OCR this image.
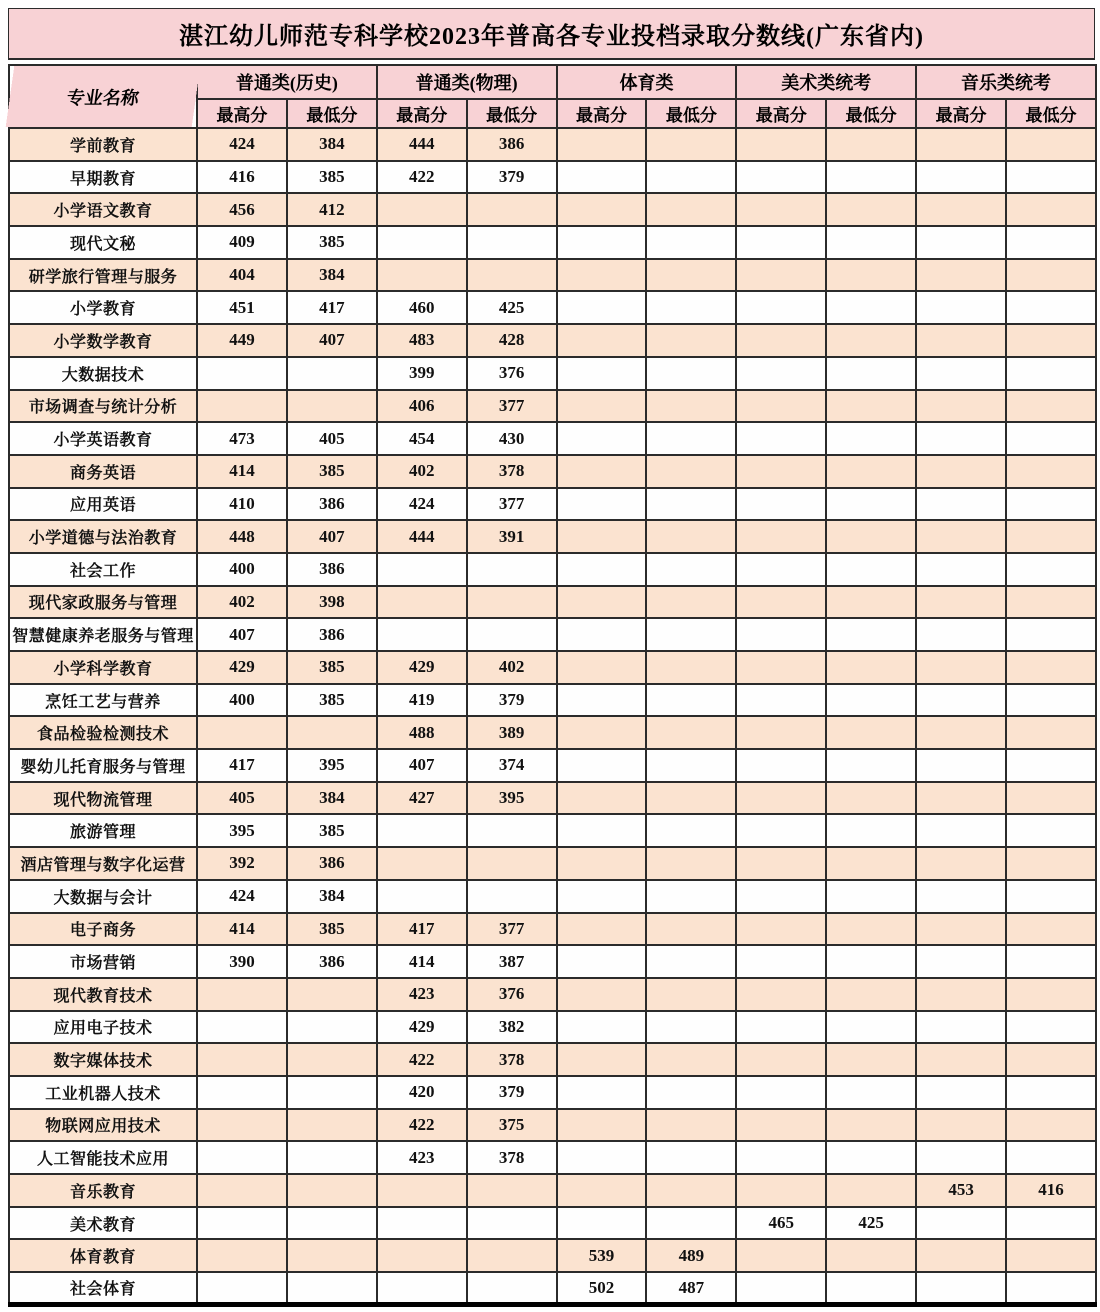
湛江幼儿师范专科学校2023年普高各专业投档录取分数线(广东省内)
专业名称	普通类(历史)		普通类(物理)		体育类		美术类统考		音乐类统考	
	最高分	最低分	最高分	最低分	最高分	最低分	最高分	最低分	最高分	最低分
学前教育	424	384	444	386						
早期教育	416	385	422	379						
小学语文教育	456	412								
现代文秘	409	385								
研学旅行管理与服务	404	384								
小学教育	451	417	460	425						
小学数学教育	449	407	483	428						
大数据技术			399	376						
市场调查与统计分析			406	377						
小学英语教育	473	405	454	430						
商务英语	414	385	402	378						
应用英语	410	386	424	377						
小学道德与法治教育	448	407	444	391						
社会工作	400	386								
现代家政服务与管理	402	398								
智慧健康养老服务与管理	407	386								
小学科学教育	429	385	429	402						
烹饪工艺与营养	400	385	419	379						
食品检验检测技术			488	389						
婴幼儿托育服务与管理	417	395	407	374						
现代物流管理	405	384	427	395						
旅游管理	395	385								
酒店管理与数字化运营	392	386								
大数据与会计	424	384								
电子商务	414	385	417	377						
市场营销	390	386	414	387						
现代教育技术			423	376						
应用电子技术			429	382						
数字媒体技术			422	378						
工业机器人技术			420	379						
物联网应用技术			422	375						
人工智能技术应用			423	378						
音乐教育									453	416
美术教育							465	425		
体育教育					539	489				
社会体育					502	487				
